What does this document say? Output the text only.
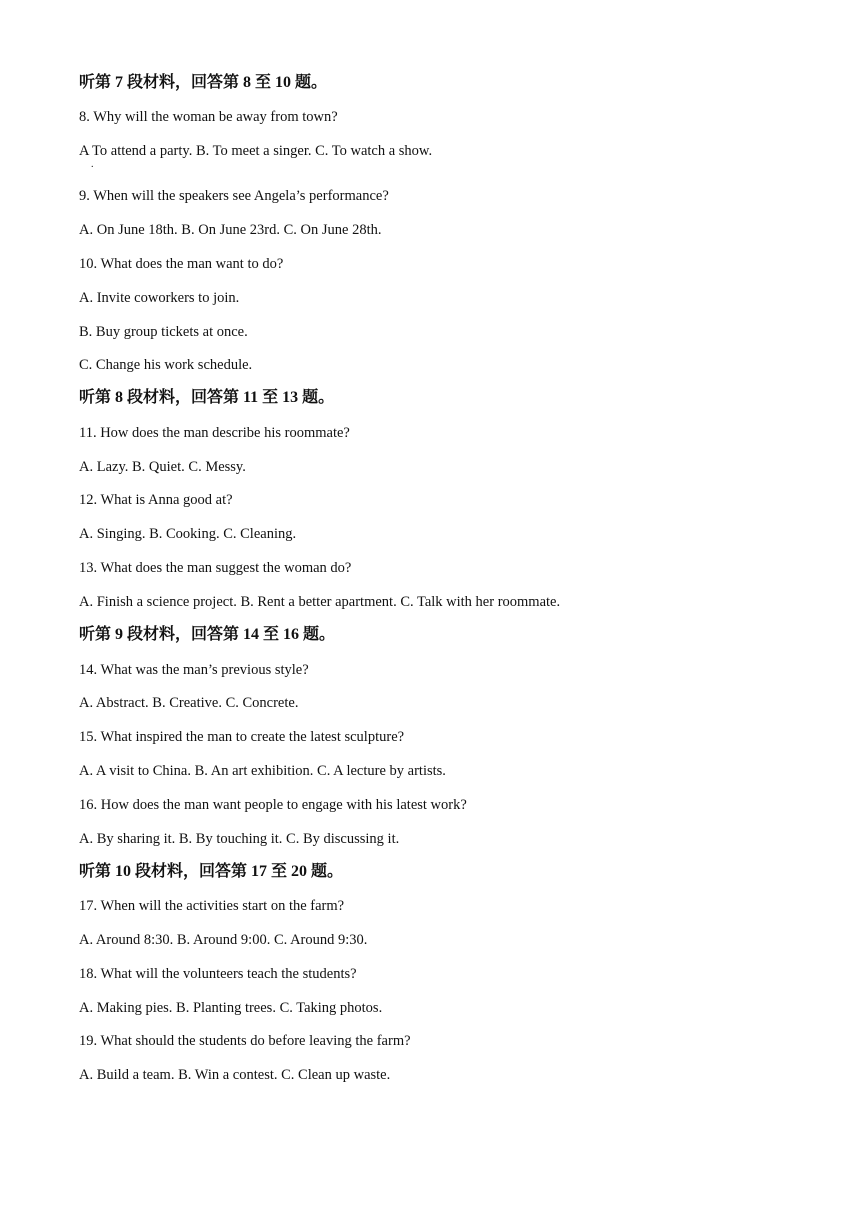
听第 7 段材料，回答第 8 至 10 题。
8. Why will the woman be away from town?
A To attend a party. B. To meet a singer. C. To watch a show.
.
9. When will the speakers see Angela’s performance?
A. On June 18th. B. On June 23rd. C. On June 28th.
10. What does the man want to do?
A. Invite coworkers to join.
B. Buy group tickets at once.
C. Change his work schedule.
听第 8 段材料，回答第 11 至 13 题。
11. How does the man describe his roommate?
A. Lazy. B. Quiet. C. Messy.
12. What is Anna good at?
A. Singing. B. Cooking. C. Cleaning.
13. What does the man suggest the woman do?
A. Finish a science project. B. Rent a better apartment. C. Talk with her roommate.
听第 9 段材料，回答第 14 至 16 题。
14. What was the man’s previous style?
A. Abstract. B. Creative. C. Concrete.
15. What inspired the man to create the latest sculpture?
A. A visit to China. B. An art exhibition. C. A lecture by artists.
16. How does the man want people to engage with his latest work?
A. By sharing it. B. By touching it. C. By discussing it.
听第 10 段材料，回答第 17 至 20 题。
17. When will the activities start on the farm?
A. Around 8:30. B. Around 9:00. C. Around 9:30.
18. What will the volunteers teach the students?
A. Making pies. B. Planting trees. C. Taking photos.
19. What should the students do before leaving the farm?
A. Build a team. B. Win a contest. C. Clean up waste.
